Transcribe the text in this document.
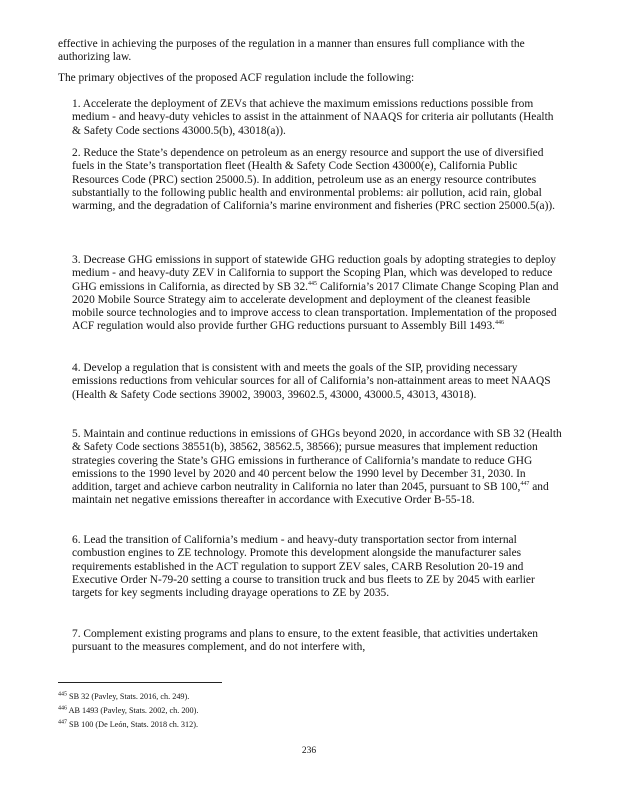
effective in achieving the purposes of the regulation in a manner than ensures full compliance with the authorizing law.

The primary objectives of the proposed ACF regulation include the following:

1. Accelerate the deployment of ZEVs that achieve the maximum emissions reductions possible from medium - and heavy-duty vehicles to assist in the attainment of NAAQS for criteria air pollutants (Health & Safety Code sections 43000.5(b), 43018(a)).

2. Reduce the State’s dependence on petroleum as an energy resource and support the use of diversified fuels in the State’s transportation fleet (Health & Safety Code Section 43000(e), California Public Resources Code (PRC) section 25000.5). In addition, petroleum use as an energy resource contributes substantially to the following public health and environmental problems: air pollution, acid rain, global warming, and the degradation of California’s marine environment and fisheries (PRC section 25000.5(a)).

3. Decrease GHG emissions in support of statewide GHG reduction goals by adopting strategies to deploy medium - and heavy-duty ZEV in California to support the Scoping Plan, which was developed to reduce GHG emissions in California, as directed by SB 32.$^{445}$ California’s 2017 Climate Change Scoping Plan and 2020 Mobile Source Strategy aim to accelerate development and deployment of the cleanest feasible mobile source technologies and to improve access to clean transportation. Implementation of the proposed ACF regulation would also provide further GHG reductions pursuant to Assembly Bill 1493.$^{446}$

4. Develop a regulation that is consistent with and meets the goals of the SIP, providing necessary emissions reductions from vehicular sources for all of California’s non-attainment areas to meet NAAQS (Health & Safety Code sections 39002, 39003, 39602.5, 43000, 43000.5, 43013, 43018).

5. Maintain and continue reductions in emissions of GHGs beyond 2020, in accordance with SB 32 (Health & Safety Code sections 38551(b), 38562, 38562.5, 38566); pursue measures that implement reduction strategies covering the State’s GHG emissions in furtherance of California’s mandate to reduce GHG emissions to the 1990 level by 2020 and 40 percent below the 1990 level by December 31, 2030. In addition, target and achieve carbon neutrality in California no later than 2045, pursuant to SB 100,$^{447}$ and maintain net negative emissions thereafter in accordance with Executive Order B-55-18.

6. Lead the transition of California’s medium - and heavy-duty transportation sector from internal combustion engines to ZE technology. Promote this development alongside the manufacturer sales requirements established in the ACT regulation to support ZEV sales, CARB Resolution 20-19 and Executive Order N-79-20 setting a course to transition truck and bus fleets to ZE by 2045 with earlier targets for key segments including drayage operations to ZE by 2035.

7. Complement existing programs and plans to ensure, to the extent feasible, that activities undertaken pursuant to the measures complement, and do not interfere with,

$^{445}$ SB 32 (Pavley, Stats. 2016, ch. 249).
$^{446}$ AB 1493 (Pavley, Stats. 2002, ch. 200).
$^{447}$ SB 100 (De León, Stats. 2018 ch. 312).
236
